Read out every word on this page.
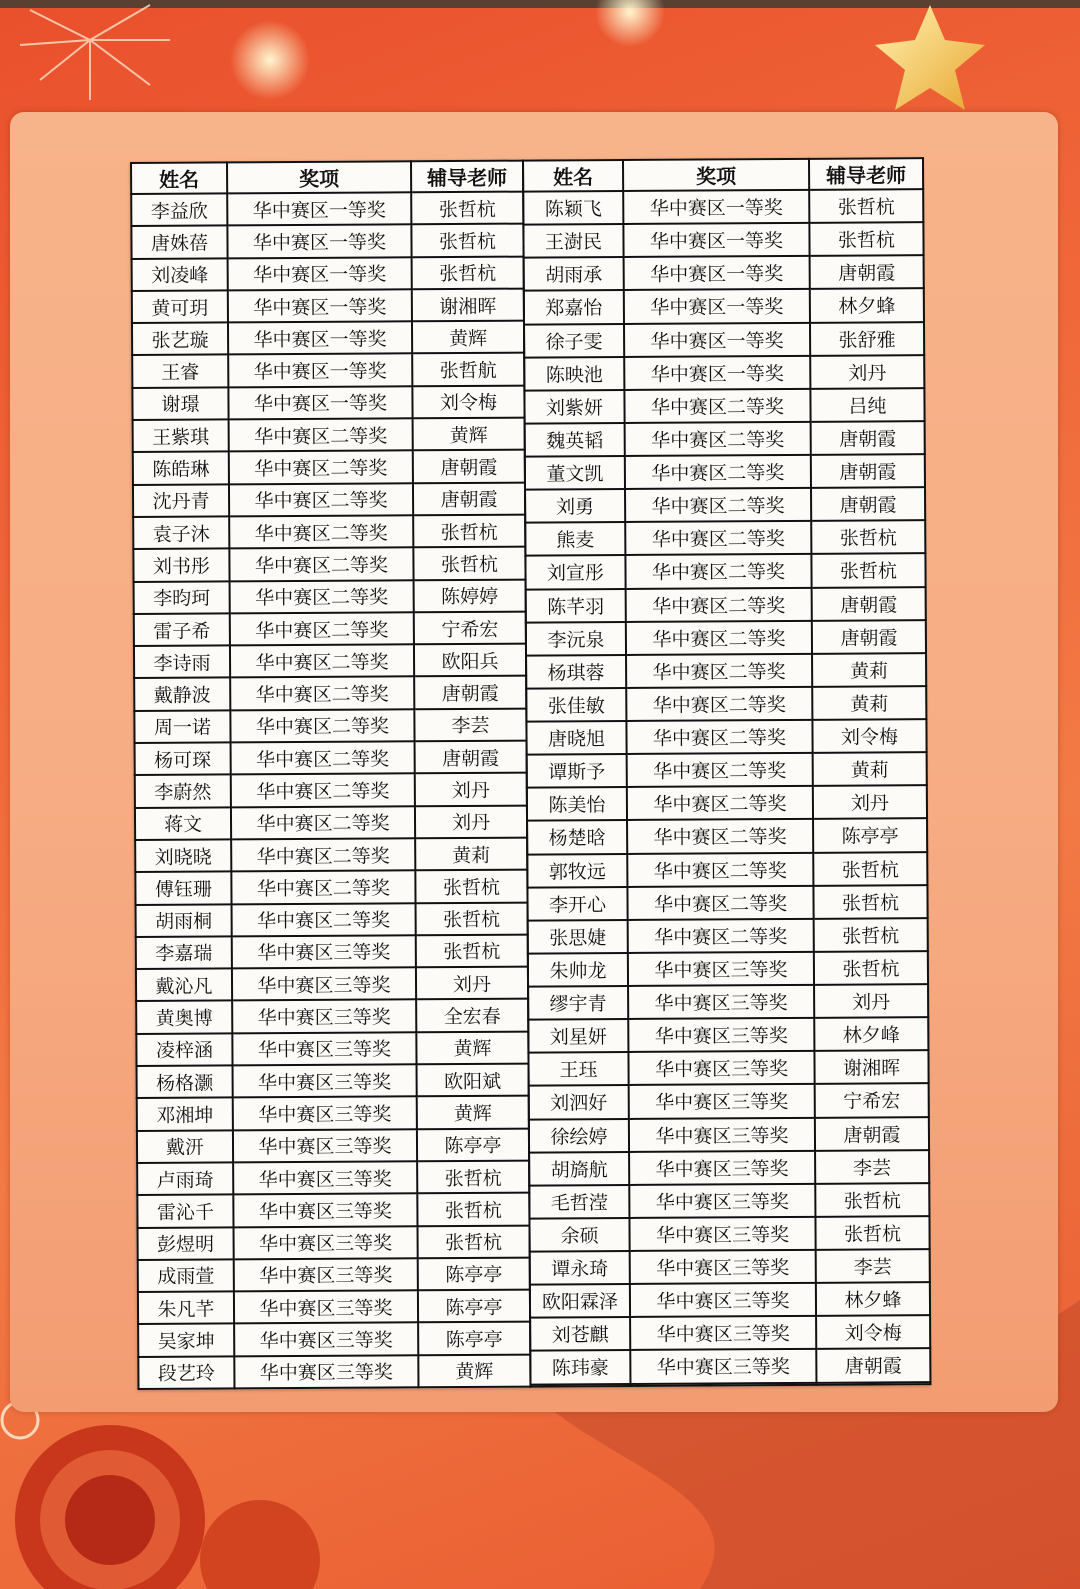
姓名	奖项	辅导老师
李益欣	华中赛区一等奖	张哲杭
唐姝蓓	华中赛区一等奖	张哲杭
刘凌峰	华中赛区一等奖	张哲杭
黄可玥	华中赛区一等奖	谢湘晖
张艺璇	华中赛区一等奖	黄辉
王睿	华中赛区一等奖	张哲航
谢璟	华中赛区一等奖	刘令梅
王紫琪	华中赛区二等奖	黄辉
陈皓琳	华中赛区二等奖	唐朝霞
沈丹青	华中赛区二等奖	唐朝霞
袁子沐	华中赛区二等奖	张哲杭
刘书彤	华中赛区二等奖	张哲杭
李昀珂	华中赛区二等奖	陈婷婷
雷子希	华中赛区二等奖	宁希宏
李诗雨	华中赛区二等奖	欧阳兵
戴静波	华中赛区二等奖	唐朝霞
周一诺	华中赛区二等奖	李芸
杨可琛	华中赛区二等奖	唐朝霞
李蔚然	华中赛区二等奖	刘丹
蒋文	华中赛区二等奖	刘丹
刘晓晓	华中赛区二等奖	黄莉
傅钰珊	华中赛区二等奖	张哲杭
胡雨桐	华中赛区二等奖	张哲杭
李嘉瑞	华中赛区三等奖	张哲杭
戴沁凡	华中赛区三等奖	刘丹
黄奥博	华中赛区三等奖	全宏春
凌梓涵	华中赛区三等奖	黄辉
杨格灏	华中赛区三等奖	欧阳斌
邓湘坤	华中赛区三等奖	黄辉
戴汧	华中赛区三等奖	陈亭亭
卢雨琦	华中赛区三等奖	张哲杭
雷沁千	华中赛区三等奖	张哲杭
彭煜明	华中赛区三等奖	张哲杭
成雨萱	华中赛区三等奖	陈亭亭
朱凡芊	华中赛区三等奖	陈亭亭
吴家坤	华中赛区三等奖	陈亭亭
段艺玲	华中赛区三等奖	黄辉
姓名	奖项	辅导老师
陈颖飞	华中赛区一等奖	张哲杭
王澍民	华中赛区一等奖	张哲杭
胡雨承	华中赛区一等奖	唐朝霞
郑嘉怡	华中赛区一等奖	林夕蜂
徐子雯	华中赛区一等奖	张舒雅
陈映池	华中赛区一等奖	刘丹
刘紫妍	华中赛区二等奖	吕纯
魏英韬	华中赛区二等奖	唐朝霞
董文凯	华中赛区二等奖	唐朝霞
刘勇	华中赛区二等奖	唐朝霞
熊麦	华中赛区二等奖	张哲杭
刘宣彤	华中赛区二等奖	张哲杭
陈芊羽	华中赛区二等奖	唐朝霞
李沅泉	华中赛区二等奖	唐朝霞
杨琪蓉	华中赛区二等奖	黄莉
张佳敏	华中赛区二等奖	黄莉
唐晓旭	华中赛区二等奖	刘令梅
谭斯予	华中赛区二等奖	黄莉
陈美怡	华中赛区二等奖	刘丹
杨楚晗	华中赛区二等奖	陈亭亭
郭牧远	华中赛区二等奖	张哲杭
李开心	华中赛区二等奖	张哲杭
张思婕	华中赛区二等奖	张哲杭
朱帅龙	华中赛区三等奖	张哲杭
缪宇青	华中赛区三等奖	刘丹
刘星妍	华中赛区三等奖	林夕峰
王珏	华中赛区三等奖	谢湘晖
刘泗好	华中赛区三等奖	宁希宏
徐绘婷	华中赛区三等奖	唐朝霞
胡旖航	华中赛区三等奖	李芸
毛哲滢	华中赛区三等奖	张哲杭
余硕	华中赛区三等奖	张哲杭
谭永琦	华中赛区三等奖	李芸
欧阳霖泽	华中赛区三等奖	林夕蜂
刘苍麒	华中赛区三等奖	刘令梅
陈玮豪	华中赛区三等奖	唐朝霞
